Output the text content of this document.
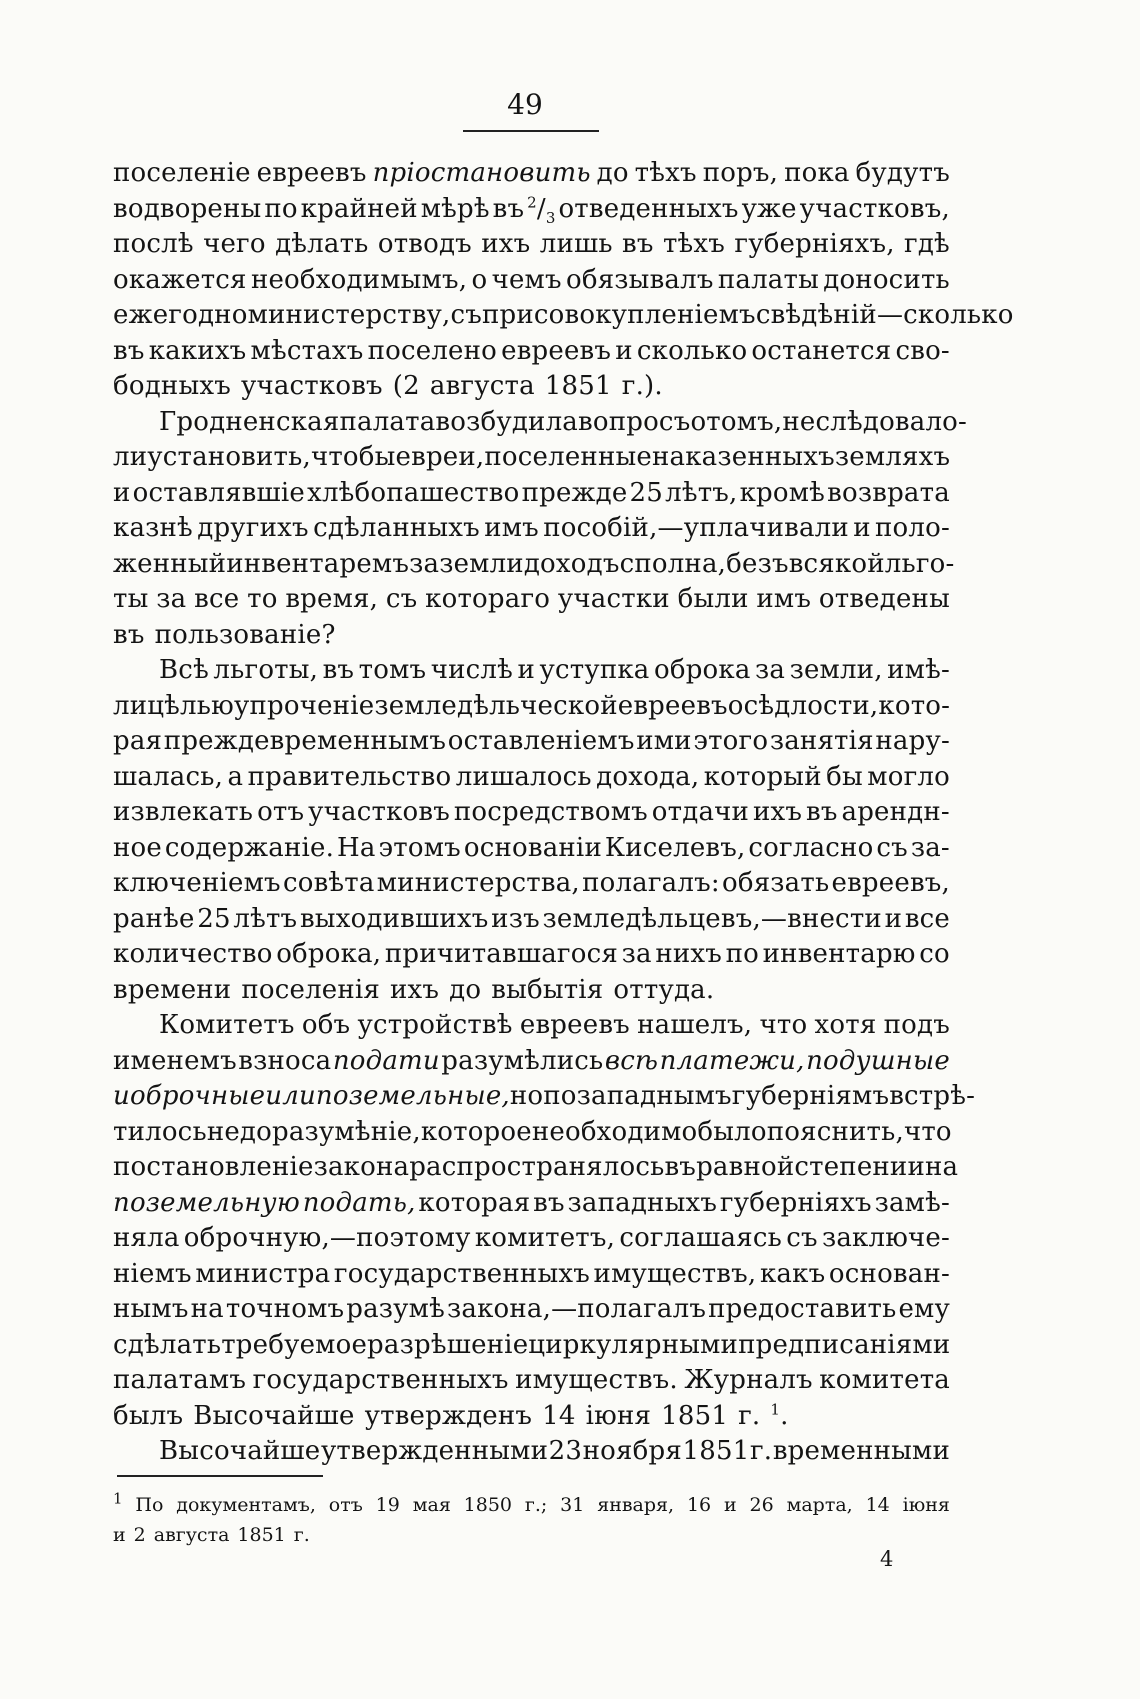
49
поселеніе евреевъ пріостановить до тѣхъ поръ, пока будутъ
водворены по крайней мѣрѣ въ $^2/_3$ отведенныхъ уже участковъ,
послѣ чего дѣлать отводъ ихъ лишь въ тѣхъ губерніяхъ, гдѣ
окажется необходимымъ, о чемъ обязывалъ палаты доносить
ежегодно министерству, съ присовокупленіемъ свѣдѣній—сколько
въ какихъ мѣстахъ поселено евреевъ и сколько останется сво-
бодныхъ участковъ (2 августа 1851 г.).
Гродненская палата возбудила вопросъ о томъ, не слѣдовало-
ли установить, чтобы евреи, поселенные на казенныхъ земляхъ
и оставлявшіе хлѣбопашество прежде 25 лѣтъ, кромѣ возврата
казнѣ другихъ сдѣланныхъ имъ пособій,—уплачивали и поло-
женный инвентаремъ за земли доходъ сполна, безъ всякой льго-
ты за все то время, съ котораго участки были имъ отведены
въ пользованіе?
Всѣ льготы, въ томъ числѣ и уступка оброка за земли, имѣ-
ли цѣлью упроченіе земледѣльческой евреевъ осѣдлости, кото-
рая преждевременнымъ оставленіемъ ими этого занятія нару-
шалась, а правительство лишалось дохода, который бы могло
извлекать отъ участковъ посредствомъ отдачи ихъ въ арендн-
ное содержаніе. На этомъ основаніи Киселевъ, согласно съ за-
ключеніемъ совѣта министерства, полагалъ: обязать евреевъ,
ранѣе 25 лѣтъ выходившихъ изъ земледѣльцевъ,—внести и все
количество оброка, причитавшагося за нихъ по инвентарю со
времени поселенія ихъ до выбытія оттуда.
Комитетъ объ устройствѣ евреевъ нашелъ, что хотя подъ
именемъ взноса подати разумѣлись всѣ платежи, подушные
и оброчные или поземельные, но по западнымъ губерніямъ встрѣ-
тилось недоразумѣніе, которое необходимо было пояснить, что
постановленіе закона распространялось въ равной степени и на
поземельную подать, которая въ западныхъ губерніяхъ замѣ-
няла оброчную,—поэтому комитетъ, соглашаясь съ заключе-
ніемъ министра государственныхъ имуществъ, какъ основан-
нымъ на точномъ разумѣ закона,—полагалъ предоставить ему
сдѣлать требуемое разрѣшеніе циркулярными предписаніями
палатамъ государственныхъ имуществъ. Журналъ комитета
былъ Высочайше утвержденъ 14 іюня 1851 г. $^1$.
Высочайше утвержденными 23 ноября 1851 г. временными
$^1$ По документамъ, отъ 19 мая 1850 г.; 31 января, 16 и 26 марта, 14 іюня
и 2 августа 1851 г.
4
